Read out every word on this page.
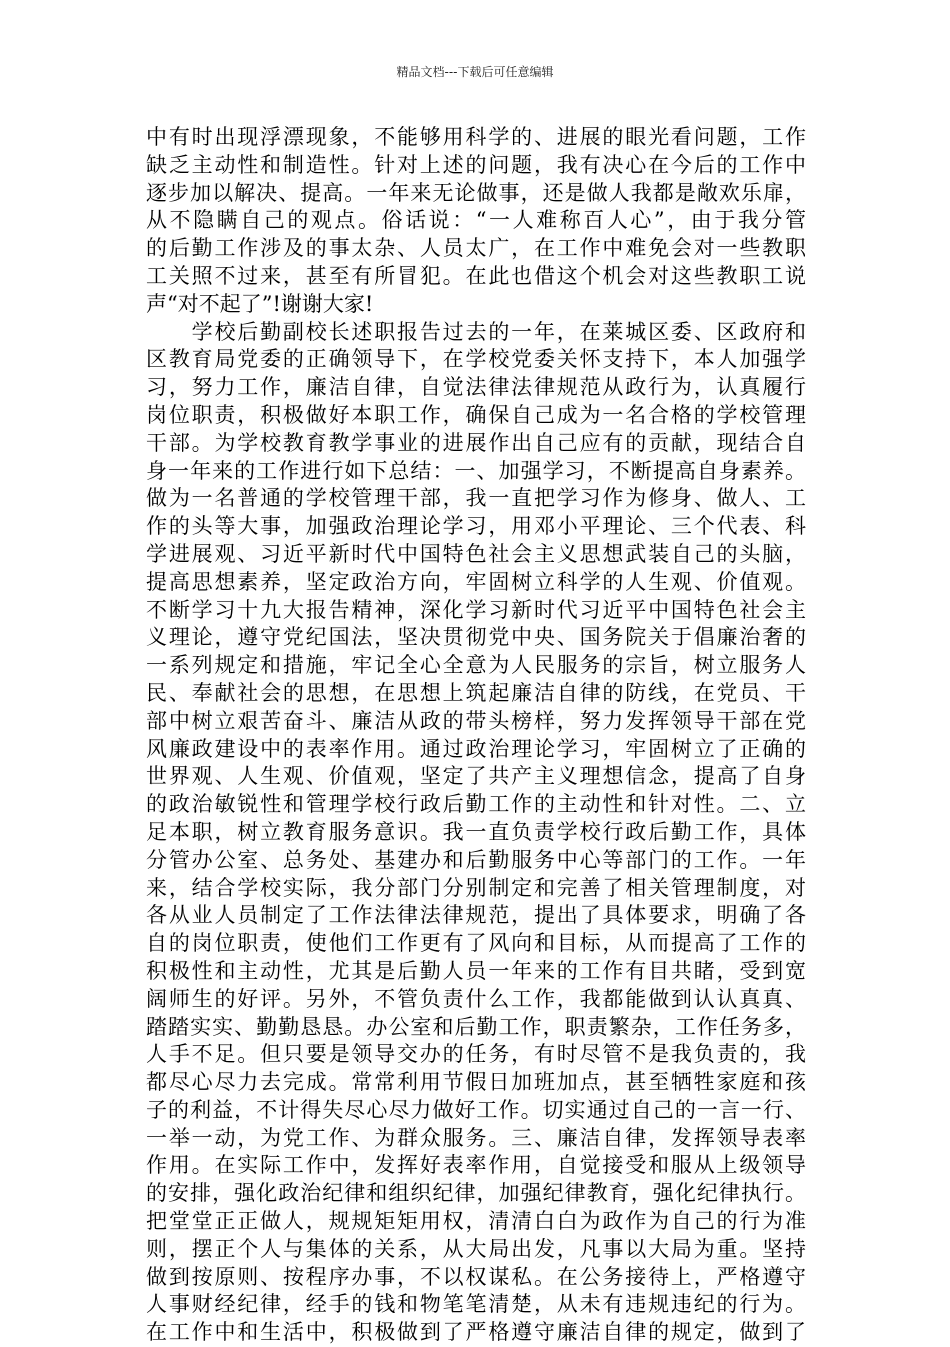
精品文档---下载后可任意编辑
中有时出现浮漂现象，不能够用科学的、进展的眼光看问题，工作
缺乏主动性和制造性。针对上述的问题，我有决心在今后的工作中
逐步加以解决、提高。一年来无论做事，还是做人我都是敞欢乐扉，
从不隐瞒自己的观点。俗话说：“一人难称百人心”，由于我分管
的后勤工作涉及的事太杂、人员太广，在工作中难免会对一些教职
工关照不过来，甚至有所冒犯。在此也借这个机会对这些教职工说
声“对不起了”!谢谢大家!
　　学校后勤副校长述职报告过去的一年，在莱城区委、区政府和
区教育局党委的正确领导下，在学校党委关怀支持下，本人加强学
习，努力工作，廉洁自律，自觉法律法律规范从政行为，认真履行
岗位职责，积极做好本职工作，确保自己成为一名合格的学校管理
干部。为学校教育教学事业的进展作出自己应有的贡献，现结合自
身一年来的工作进行如下总结：一、加强学习，不断提高自身素养。
做为一名普通的学校管理干部，我一直把学习作为修身、做人、工
作的头等大事，加强政治理论学习，用邓小平理论、三个代表、科
学进展观、习近平新时代中国特色社会主义思想武装自己的头脑，
提高思想素养，坚定政治方向，牢固树立科学的人生观、价值观。
不断学习十九大报告精神，深化学习新时代习近平中国特色社会主
义理论，遵守党纪国法，坚决贯彻党中央、国务院关于倡廉治奢的
一系列规定和措施，牢记全心全意为人民服务的宗旨，树立服务人
民、奉献社会的思想，在思想上筑起廉洁自律的防线，在党员、干
部中树立艰苦奋斗、廉洁从政的带头榜样，努力发挥领导干部在党
风廉政建设中的表率作用。通过政治理论学习，牢固树立了正确的
世界观、人生观、价值观，坚定了共产主义理想信念，提高了自身
的政治敏锐性和管理学校行政后勤工作的主动性和针对性。二、立
足本职，树立教育服务意识。我一直负责学校行政后勤工作，具体
分管办公室、总务处、基建办和后勤服务中心等部门的工作。一年
来，结合学校实际，我分部门分别制定和完善了相关管理制度，对
各从业人员制定了工作法律法律规范，提出了具体要求，明确了各
自的岗位职责，使他们工作更有了风向和目标，从而提高了工作的
积极性和主动性，尤其是后勤人员一年来的工作有目共睹，受到宽
阔师生的好评。另外，不管负责什么工作，我都能做到认认真真、
踏踏实实、勤勤恳恳。办公室和后勤工作，职责繁杂，工作任务多，
人手不足。但只要是领导交办的任务，有时尽管不是我负责的，我
都尽心尽力去完成。常常利用节假日加班加点，甚至牺牲家庭和孩
子的利益，不计得失尽心尽力做好工作。切实通过自己的一言一行、
一举一动，为党工作、为群众服务。三、廉洁自律，发挥领导表率
作用。在实际工作中，发挥好表率作用，自觉接受和服从上级领导
的安排，强化政治纪律和组织纪律，加强纪律教育，强化纪律执行。
把堂堂正正做人，规规矩矩用权，清清白白为政作为自己的行为准
则，摆正个人与集体的关系，从大局出发，凡事以大局为重。坚持
做到按原则、按程序办事，不以权谋私。在公务接待上，严格遵守
人事财经纪律，经手的钱和物笔笔清楚，从未有违规违纪的行为。
在工作中和生活中，积极做到了严格遵守廉洁自律的规定，做到了
